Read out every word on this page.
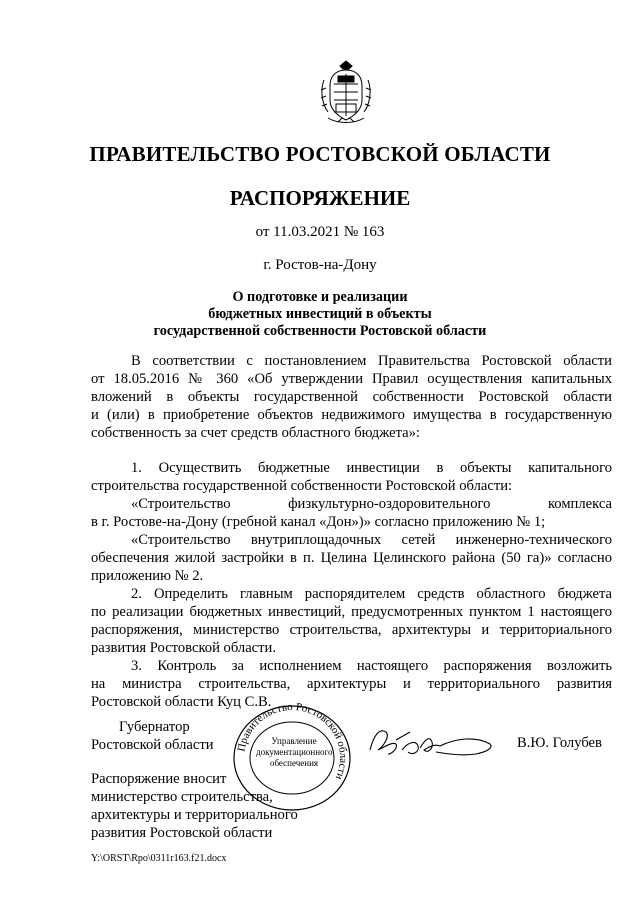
ПРАВИТЕЛЬСТВО РОСТОВСКОЙ ОБЛАСТИ
РАСПОРЯЖЕНИЕ
от 11.03.2021 № 163
г. Ростов-на-Дону
О подготовке и реализации
бюджетных инвестиций в объекты
государственной собственности Ростовской области
В соответствии с постановлением Правительства Ростовской области
от 18.05.2016 № 360 «Об утверждении Правил осуществления капитальных
вложений в объекты государственной собственности Ростовской области
и (или) в приобретение объектов недвижимого имущества в государственную
собственность за счет средств областного бюджета»:
1. Осуществить бюджетные инвестиции в объекты капитального
строительства государственной собственности Ростовской области:
«Строительство физкультурно-оздоровительного комплекса
в г. Ростове-на-Дону (гребной канал «Дон»)» согласно приложению № 1;
«Строительство внутриплощадочных сетей инженерно-технического
обеспечения жилой застройки в п. Целина Целинского района (50 га)» согласно
приложению № 2.
2. Определить главным распорядителем средств областного бюджета
по реализации бюджетных инвестиций, предусмотренных пунктом 1 настоящего
распоряжения, министерство строительства, архитектуры и территориального
развития Ростовской области.
3. Контроль за исполнением настоящего распоряжения возложить
на министра строительства, архитектуры и территориального развития
Ростовской области Куц С.В.
Губернатор
Ростовской области Правительство Ростовской области
Управление
документационного
обеспечения
В.Ю. Голубев
Распоряжение вносит
министерство строительства,
архитектуры и территориального
развития Ростовской области
Y:\ORST\Rpo\0311r163.f21.docx
